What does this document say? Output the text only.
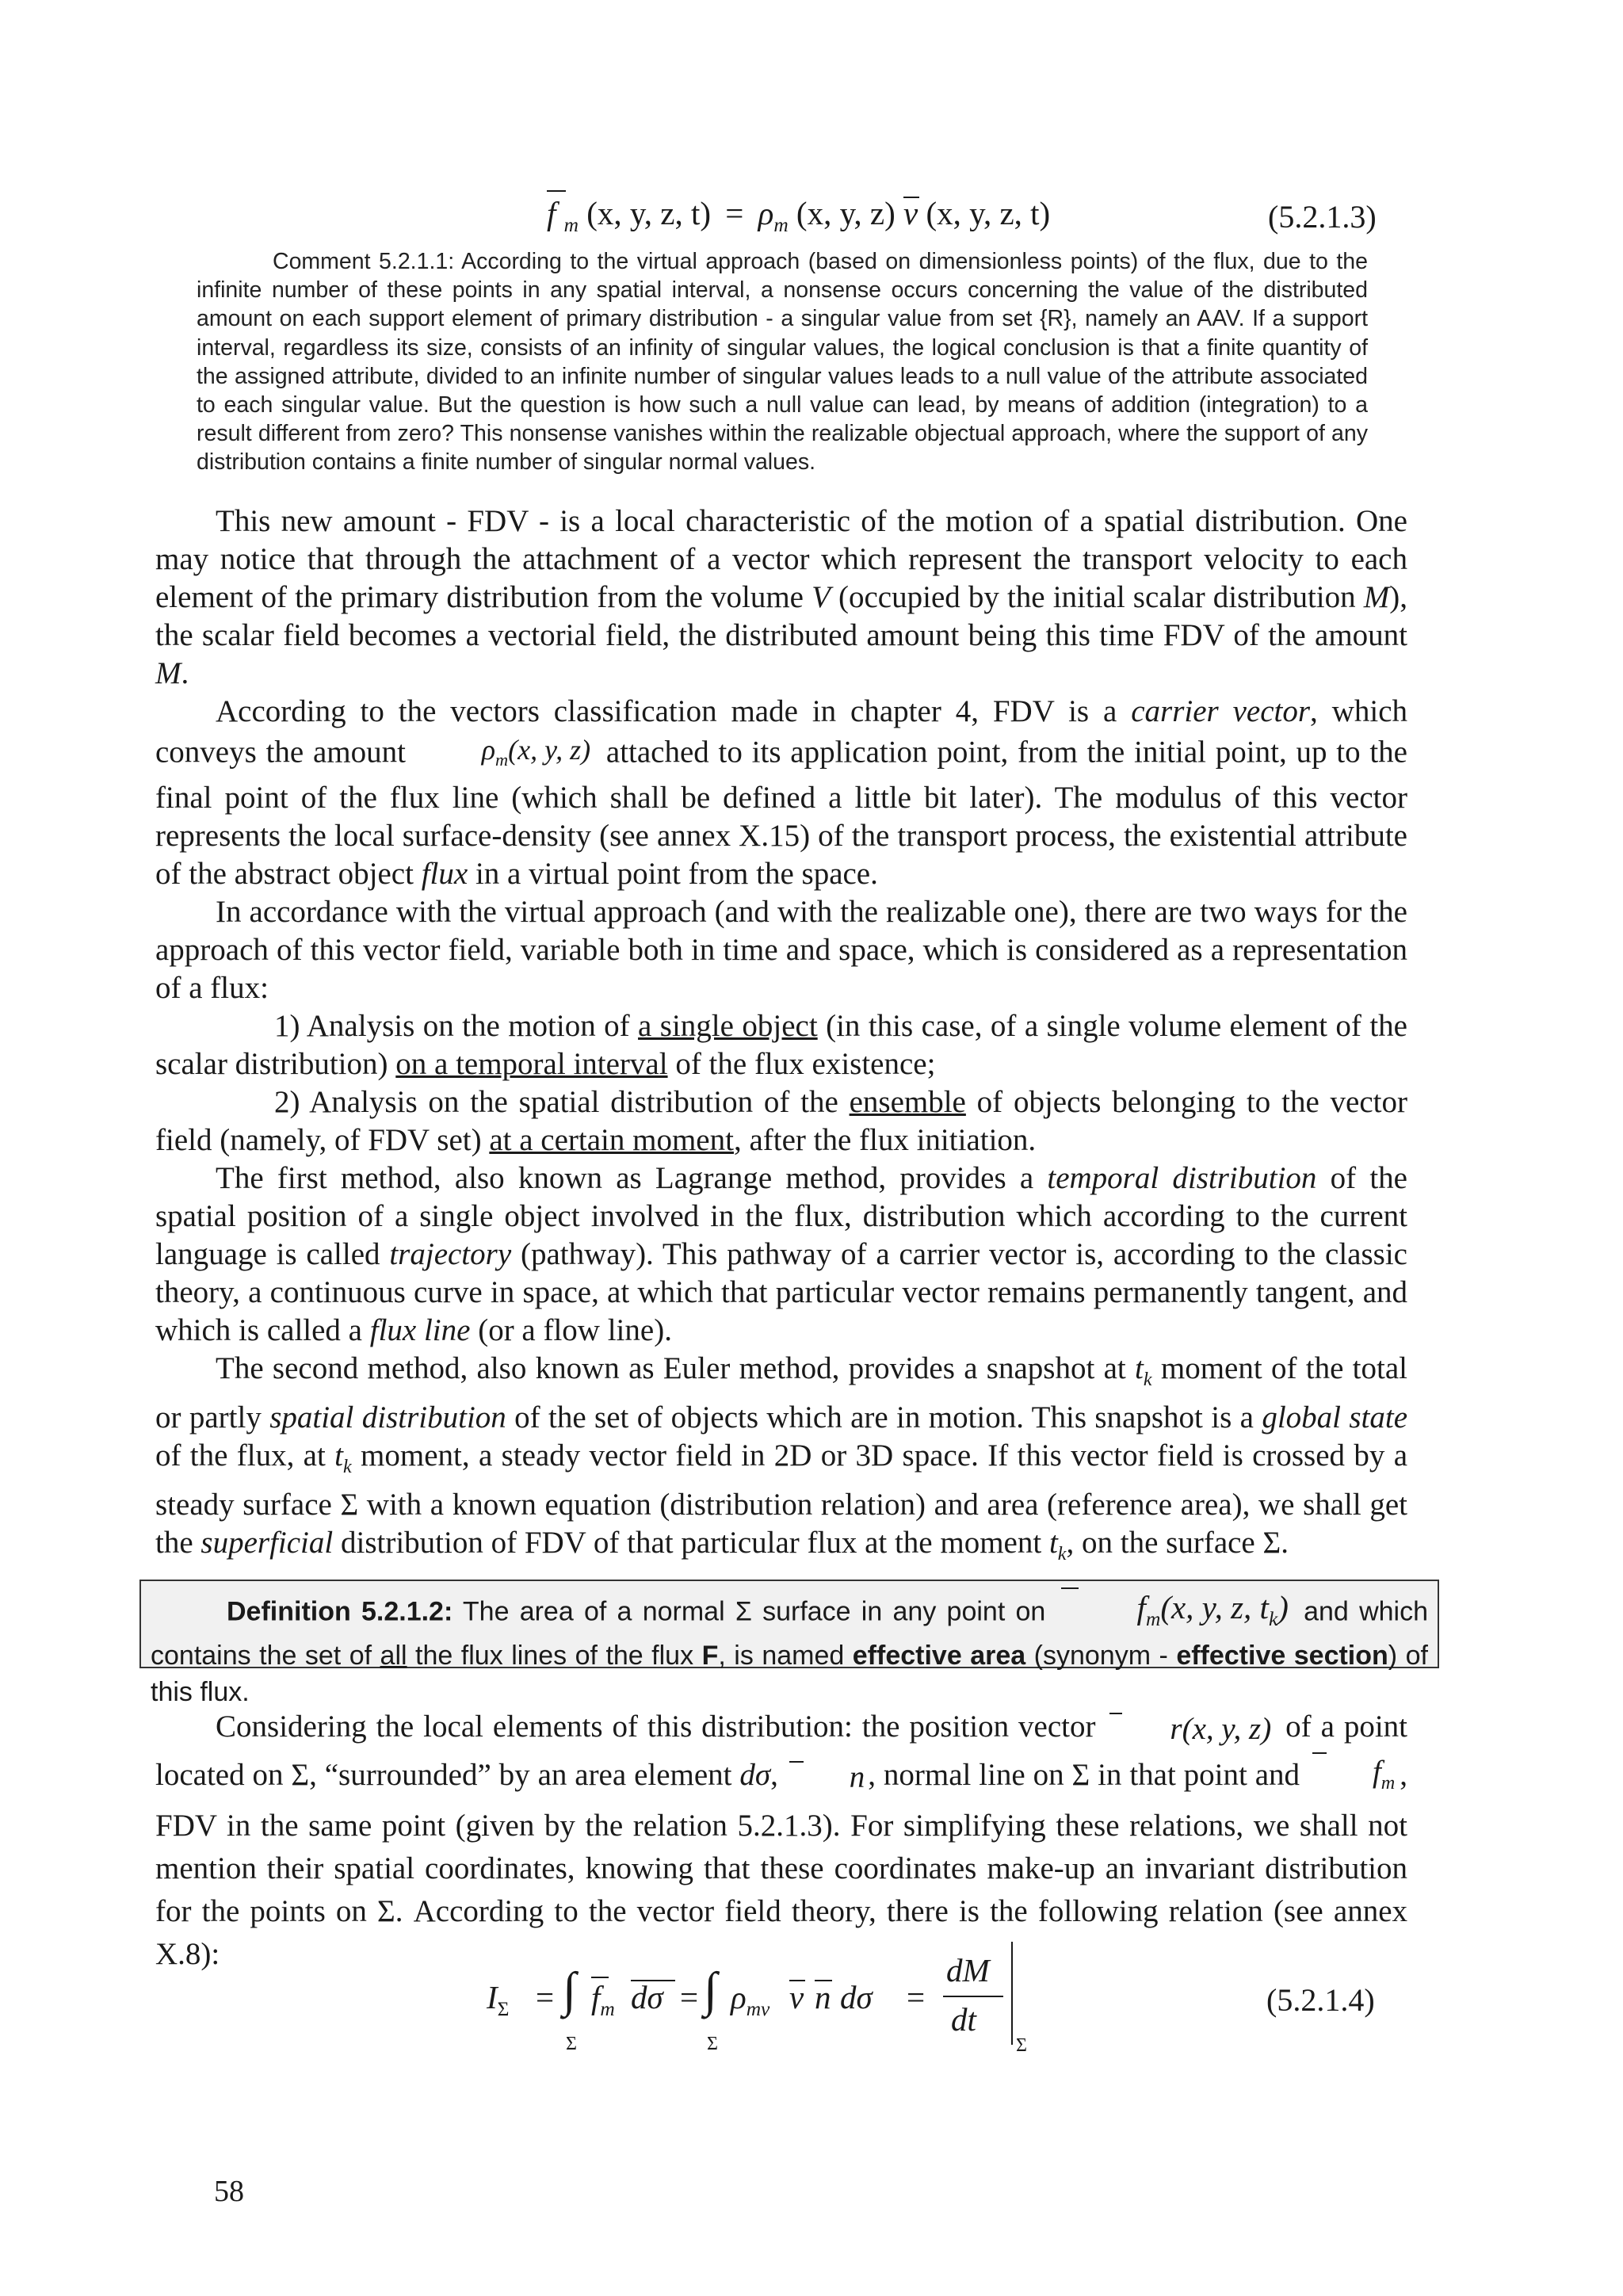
f $_m$ (x, y, z, $t) = \rho_m$ (x, y, z) v (x, y, z, t)	(5.2.1.3)

Comment 5.2.1.1: According to the virtual approach (based on dimensionless points) of the flux, due to the infinite number of these points in any spatial interval, a nonsense occurs concerning the value of the distributed amount on each support element of primary distribution - a singular value from set {R}, namely an AAV. If a support interval, regardless its size, consists of an infinity of singular values, the logical conclusion is that a finite quantity of the assigned attribute, divided to an infinite number of singular values leads to a null value of the attribute associated to each singular value. But the question is how such a null value can lead, by means of addition (integration) to a result different from zero? This nonsense vanishes within the realizable objectual approach, where the support of any distribution contains a finite number of singular normal values.

This new amount - FDV - is a local characteristic of the motion of a spatial distribution. One may notice that through the attachment of a vector which represent the transport velocity to each element of the primary distribution from the volume V (occupied by the initial scalar distribution M), the scalar field becomes a vectorial field, the distributed amount being this time FDV of the amount M.

According to the vectors classification made in chapter 4, FDV is a carrier vector, which conveys the amount $\rho_m(x$, y, z) attached to its application point, from the initial point, up to the final point of the flux line (which shall be defined a little bit later). The modulus of this vector represents the local surface-density (see annex X.15) of the transport process, the existential attribute of the abstract object flux in a virtual point from the space.

In accordance with the virtual approach (and with the realizable one), there are two ways for the approach of this vector field, variable both in time and space, which is considered as a representation of a flux:

1) Analysis on the motion of a single object (in this case, of a single volume element of the scalar distribution) on a temporal interval of the flux existence;

2) Analysis on the spatial distribution of the ensemble of objects belonging to the vector field (namely, of FDV set) at a certain moment, after the flux initiation.

The first method, also known as Lagrange method, provides a temporal distribution of the spatial position of a single object involved in the flux, distribution which according to the current language is called trajectory (pathway). This pathway of a carrier vector is, according to the classic theory, a continuous curve in space, at which that particular vector remains permanently tangent, and which is called a flux line (or a flow line).

The second method, also known as Euler method, provides a snapshot at $t_k$ moment of the total or partly spatial distribution of the set of objects which are in motion. This snapshot is a global state of the flux, at $t_k$ moment, a steady vector field in 2D or 3D space. If this vector field is crossed by a steady surface Σ with a known equation (distribution relation) and area (reference area), we shall get the superficial distribution of FDV of that particular flux at the moment $t_k$, on the surface Σ.

Definition 5.2.1.2: The area of a normal Σ surface in any point on
$f_m(x$, y, z, $t_k$) and which contains the set of all the flux lines of the flux F, is named effective area (synonym - effective section) of this flux.

Considering the local elements of this distribution: the position vector
r(x, y, z) of a point located on Σ, “surrounded” by an area element dσ,
n , normal line on Σ in that point and
$f_m$ , FDV in the same point (given by the relation 5.2.1.3). For simplifying these relations, we shall not mention their spatial coordinates, knowing that these coordinates make-up an invariant distribution for the points on Σ. According to the vector field theory, there is the following relation (see annex X.8):

$I_\Sigma$ = ∫
Σ
$f_m$ dσ = ∫
Σ
$\rho_{mv}$ v n dσ =
dM
dt
Σ
(5.2.1.4)
58
